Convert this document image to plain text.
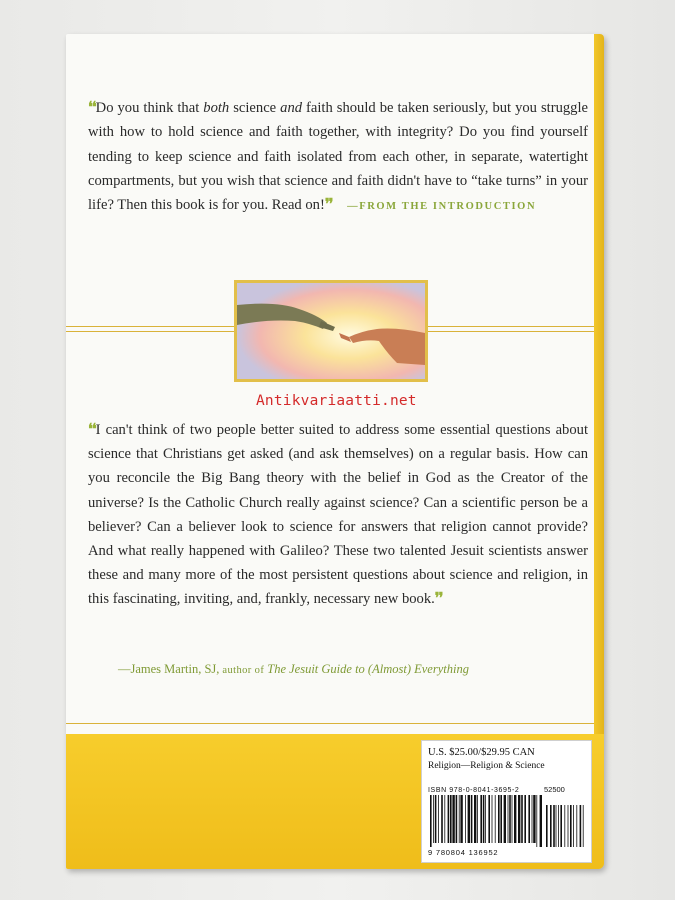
❛❛Do you think that both science and faith should be taken seriously, but you struggle with how to hold science and faith together, with integrity? Do you find yourself tending to keep science and faith isolated from each other, in separate, watertight compartments, but you wish that science and faith didn't have to “take turns” in your life? Then this book is for you. Read on!❜❜ —FROM THE INTRODUCTION
❛❛I can't think of two people better suited to address some essential questions about science that Christians get asked (and ask themselves) on a regular basis. How can you reconcile the Big Bang theory with the belief in God as the Creator of the universe? Is the Catholic Church really against science? Can a scientific person be a believer? Can a believer look to science for answers that religion cannot provide? And what really happened with Galileo? These two talented Jesuit scientists answer these and many more of the most persistent questions about science and religion, in this fascinating, inviting, and, frankly, necessary new book.❜❜
—James Martin, SJ, author of The Jesuit Guide to (Almost) Everything
Antikvariaatti.net
U.S. $25.00/$29.95 CAN
Religion—Religion & Science
ISBN 978-0-8041-3695-2
9 780804 136952
52500
